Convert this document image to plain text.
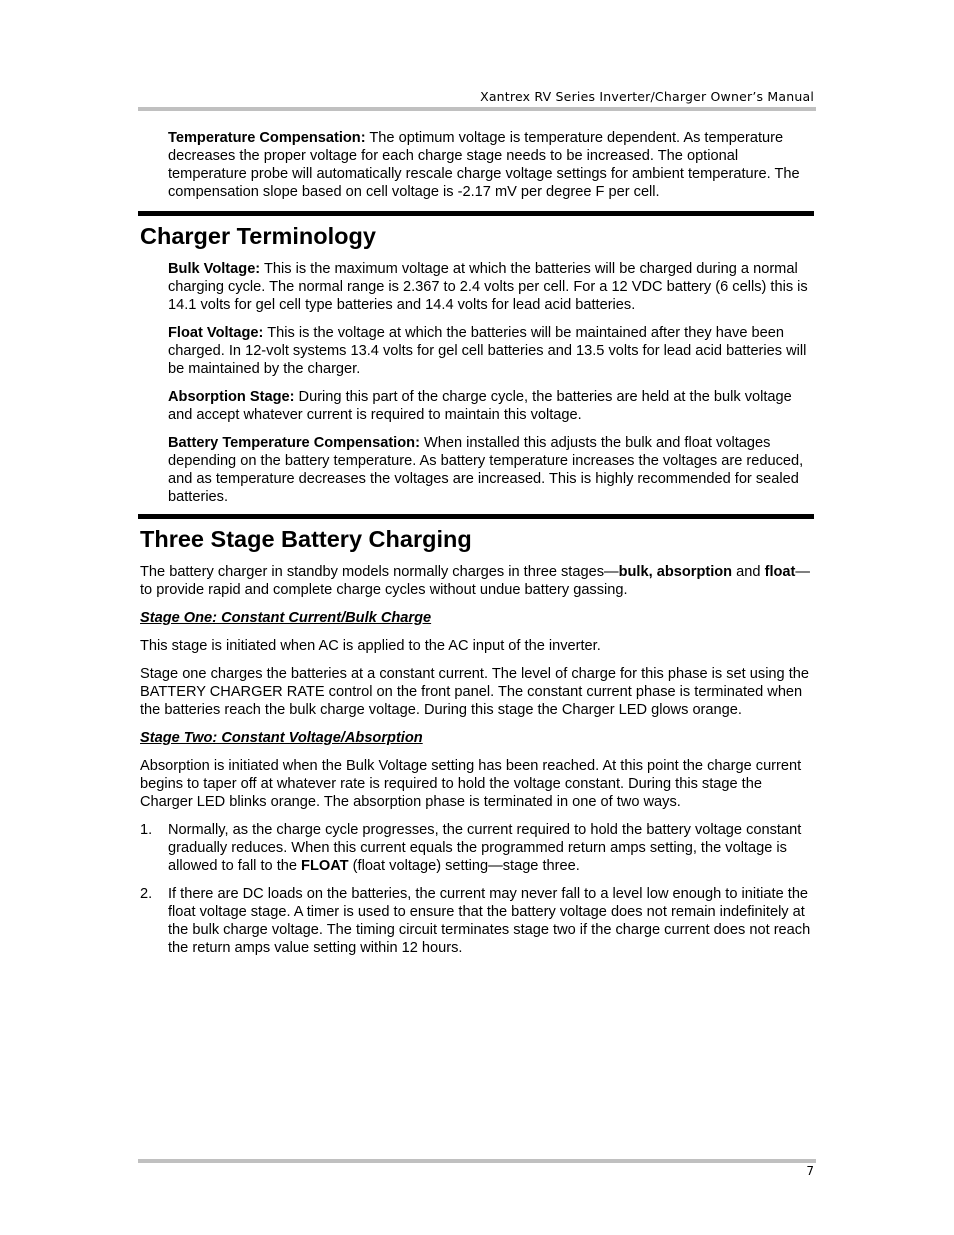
Xantrex RV Series Inverter/Charger Owner’s Manual

Temperature Compensation: The optimum voltage is temperature dependent. As temperature decreases the proper voltage for each charge stage needs to be increased. The optional temperature probe will automatically rescale charge voltage settings for ambient temperature. The compensation slope based on cell voltage is -2.17 mV per degree F per cell.

Charger Terminology

Bulk Voltage: This is the maximum voltage at which the batteries will be charged during a normal charging cycle. The normal range is 2.367 to 2.4 volts per cell. For a 12 VDC battery (6 cells) this is 14.1 volts for gel cell type batteries and 14.4 volts for lead acid batteries.

Float Voltage: This is the voltage at which the batteries will be maintained after they have been charged. In 12-volt systems 13.4 volts for gel cell batteries and 13.5 volts for lead acid batteries will be maintained by the charger.

Absorption Stage: During this part of the charge cycle, the batteries are held at the bulk voltage and accept whatever current is required to maintain this voltage.

Battery Temperature Compensation: When installed this adjusts the bulk and float voltages depending on the battery temperature. As battery temperature increases the voltages are reduced, and as temperature decreases the voltages are increased. This is highly recommended for sealed batteries.

Three Stage Battery Charging

The battery charger in standby models normally charges in three stages—bulk, absorption and float—to provide rapid and complete charge cycles without undue battery gassing.

Stage One: Constant Current/Bulk Charge

This stage is initiated when AC is applied to the AC input of the inverter.

Stage one charges the batteries at a constant current. The level of charge for this phase is set using the BATTERY CHARGER RATE control on the front panel. The constant current phase is terminated when the batteries reach the bulk charge voltage. During this stage the Charger LED glows orange.

Stage Two: Constant Voltage/Absorption

Absorption is initiated when the Bulk Voltage setting has been reached. At this point the charge current begins to taper off at whatever rate is required to hold the voltage constant. During this stage the Charger LED blinks orange. The absorption phase is terminated in one of two ways.

1. Normally, as the charge cycle progresses, the current required to hold the battery voltage constant gradually reduces. When this current equals the programmed return amps setting, the voltage is allowed to fall to the FLOAT (float voltage) setting—stage three.

2. If there are DC loads on the batteries, the current may never fall to a level low enough to initiate the float voltage stage. A timer is used to ensure that the battery voltage does not remain indefinitely at the bulk charge voltage. The timing circuit terminates stage two if the charge current does not reach the return amps value setting within 12 hours.

7
